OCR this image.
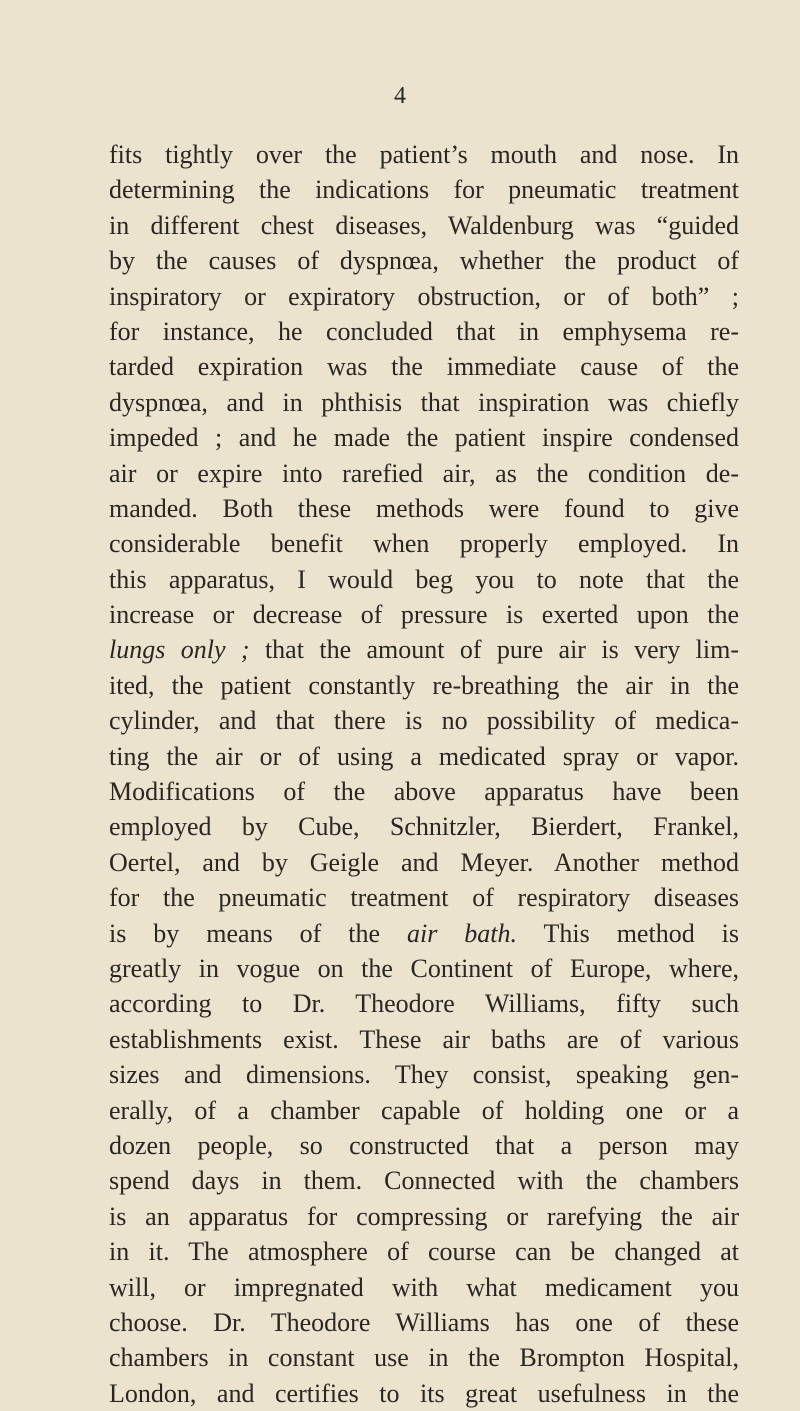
4
fits tightly over the patient’s mouth and nose. In
determining the indications for pneumatic treatment
in different chest diseases, Waldenburg was “guided
by the causes of dyspnœa, whether the product of
inspiratory or expiratory obstruction, or of both” ;
for instance, he concluded that in emphysema re-
tarded expiration was the immediate cause of the
dyspnœa, and in phthisis that inspiration was chiefly
impeded ; and he made the patient inspire condensed
air or expire into rarefied air, as the condition de-
manded. Both these methods were found to give
considerable benefit when properly employed. In
this apparatus, I would beg you to note that the
increase or decrease of pressure is exerted upon the
lungs only ; that the amount of pure air is very lim-
ited, the patient constantly re-breathing the air in the
cylinder, and that there is no possibility of medica-
ting the air or of using a medicated spray or vapor.
Modifications of the above apparatus have been
employed by Cube, Schnitzler, Bierdert, Frankel,
Oertel, and by Geigle and Meyer. Another method
for the pneumatic treatment of respiratory diseases
is by means of the air bath. This method is
greatly in vogue on the Continent of Europe, where,
according to Dr. Theodore Williams, fifty such
establishments exist. These air baths are of various
sizes and dimensions. They consist, speaking gen-
erally, of a chamber capable of holding one or a
dozen people, so constructed that a person may
spend days in them. Connected with the chambers
is an apparatus for compressing or rarefying the air
in it. The atmosphere of course can be changed at
will, or impregnated with what medicament you
choose. Dr. Theodore Williams has one of these
chambers in constant use in the Brompton Hospital,
London, and certifies to its great usefulness in the
